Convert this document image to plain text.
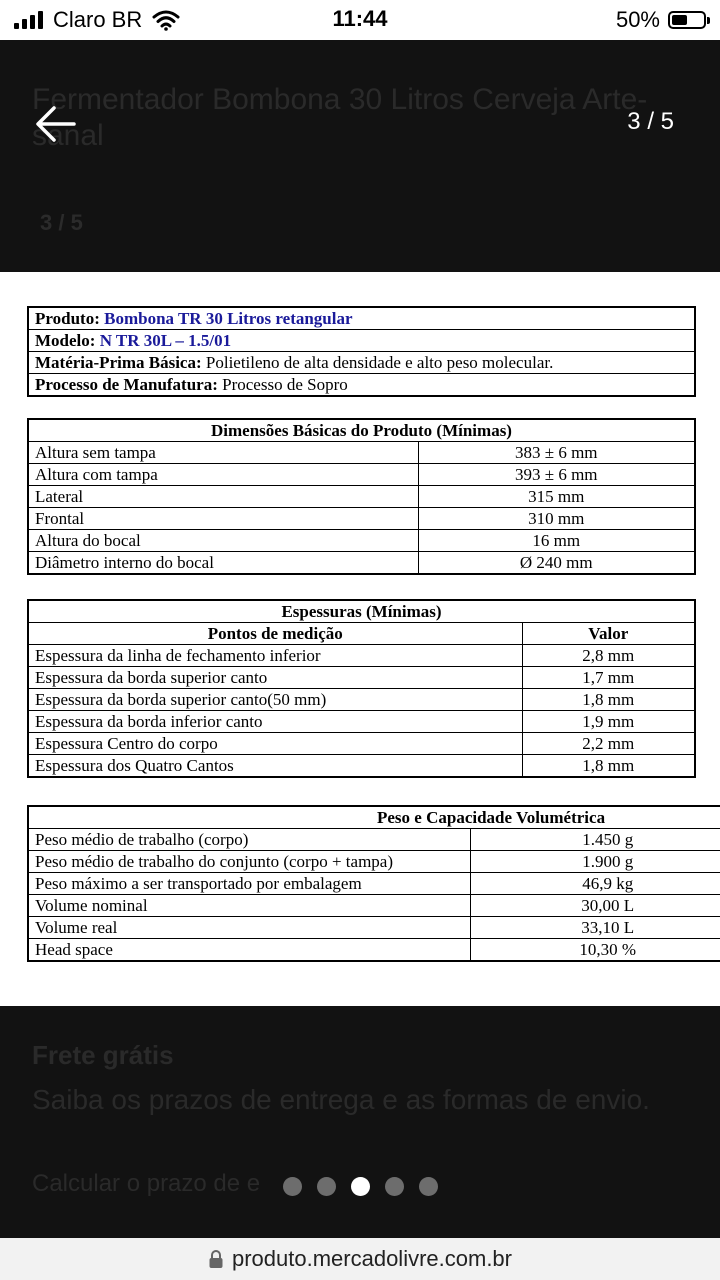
Claro BR	11:44	50%
Fermentador Bombona 30 Litros Cerveja Arte-sanal
3 / 5
Frete grátis
Saiba os prazos de entrega e as formas de envio.
Calcular o prazo de e
3 / 5
Produto: Bombona TR 30 Litros retangular
Modelo: N TR 30L – 1.5/01
Matéria-Prima Básica: Polietileno de alta densidade e alto peso molecular.
Processo de Manufatura: Processo de Sopro
Dimensões Básicas do Produto (Mínimas)	
Altura sem tampa	383 ± 6 mm
Altura com tampa	393 ± 6 mm
Lateral	315 mm
Frontal	310 mm
Altura do bocal	16 mm
Diâmetro interno do bocal	Ø 240 mm
Espessuras (Mínimas)	
Pontos de medição	Valor
Espessura da linha de fechamento inferior	2,8 mm
Espessura da borda superior canto	1,7 mm
Espessura da borda superior canto(50 mm)	1,8 mm
Espessura da borda inferior canto	1,9 mm
Espessura Centro do corpo	2,2 mm
Espessura dos Quatro Cantos	1,8 mm
Peso e Capacidade Volumétrica	
Peso médio de trabalho (corpo)	1.450 g
Peso médio de trabalho do conjunto (corpo + tampa)	1.900 g
Peso máximo a ser transportado por embalagem	46,9 kg
Volume nominal	30,00 L
Volume real	33,10 L
Head space	10,30 %
produto.mercadolivre.com.br
